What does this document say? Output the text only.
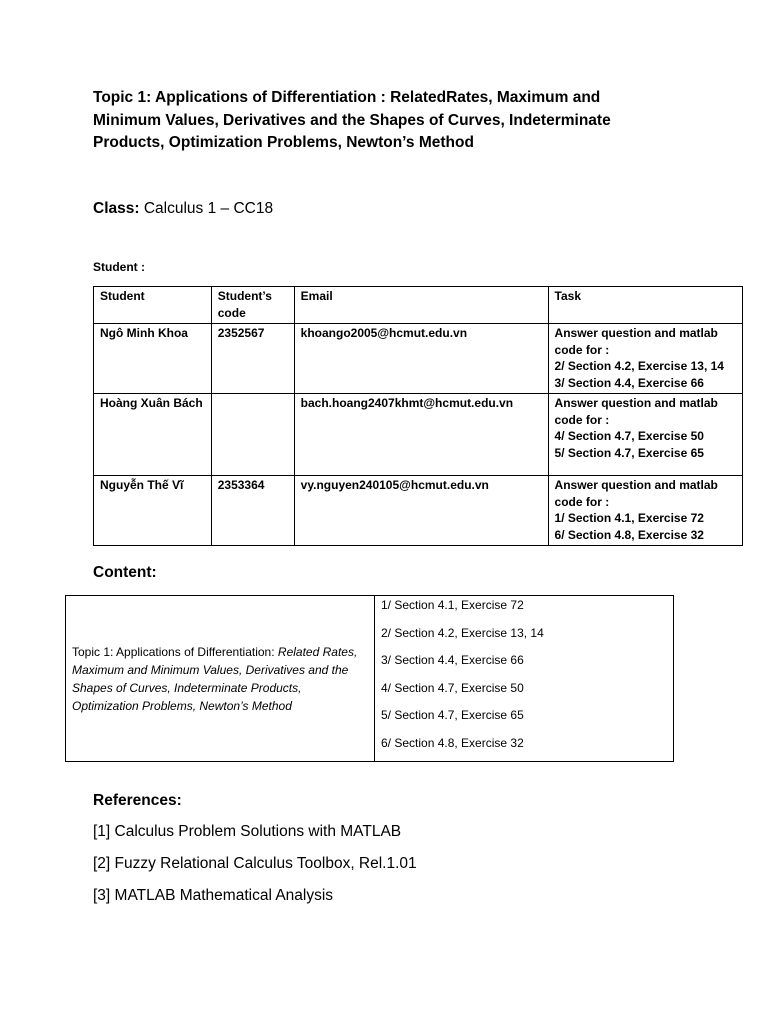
Topic 1: Applications of Differentiation : RelatedRates, Maximum and Minimum Values, Derivatives and the Shapes of Curves, Indeterminate Products, Optimization Problems, Newton’s Method
Class: Calculus 1 – CC18
Student :
Student	Student’s code	Email	Task
Ngô Minh Khoa	2352567	khoango2005@hcmut.edu.vn	Answer question and matlab code for :
2/ Section 4.2, Exercise 13, 14
3/ Section 4.4, Exercise 66

Hoàng Xuân Bách		bach.hoang2407khmt@hcmut.edu.vn	Answer question and matlab code for :
4/ Section 4.7, Exercise 50
5/ Section 4.7, Exercise 65

Nguyễn Thế Vĩ	2353364	vy.nguyen240105@hcmut.edu.vn	Answer question and matlab code for :
1/ Section 4.1, Exercise 72
6/ Section 4.8, Exercise 32
Content:
Topic 1: Applications of Differentiation: Related Rates, Maximum and Minimum Values, Derivatives and the Shapes of Curves, Indeterminate Products, Optimization Problems, Newton’s Method	
1/ Section 4.1, Exercise 72
2/ Section 4.2, Exercise 13, 14
3/ Section 4.4, Exercise 66
4/ Section 4.7, Exercise 50
5/ Section 4.7, Exercise 65
6/ Section 4.8, Exercise 32
References:
[1] Calculus Problem Solutions with MATLAB
[2] Fuzzy Relational Calculus Toolbox, Rel.1.01
[3] MATLAB Mathematical Analysis
